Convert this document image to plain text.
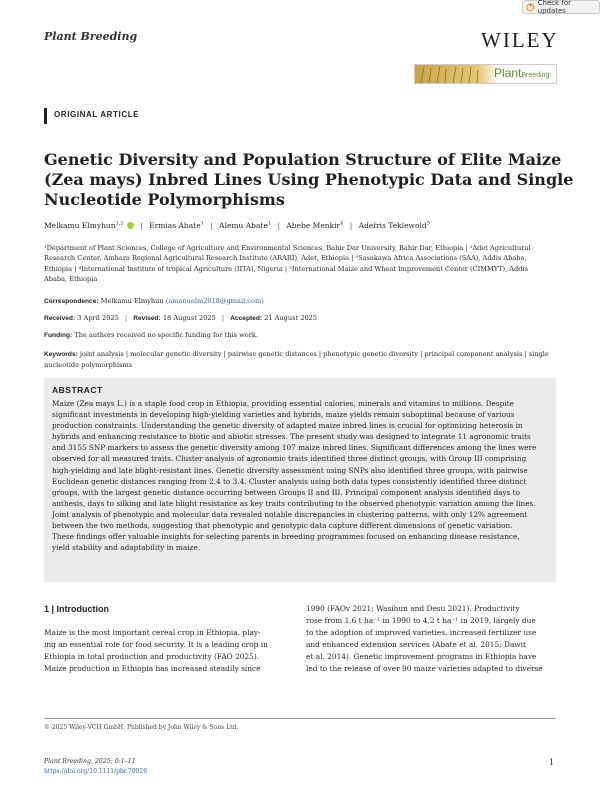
Plant Breeding
Check for updates
WILEY
PlantBreeding
ORIGINAL ARTICLE
Genetic Diversity and Population Structure of Elite Maize
(Zea mays) Inbred Lines Using Phenotypic Data and Single
Nucleotide Polymorphisms
Melkamu Elmyhun$^{1,2}$ | Ermias Abate$^1$ | Alemu Abate$^1$ | Abebe Menkir$^4$ | Adefris Teklewold$^5$
¹Department of Plant Sciences, College of Agriculture and Environmental Sciences, Bahir Dar University, Bahir Dar, Ethiopia | ²Adet Agricultural
Research Center, Amhara Regional Agricultural Research Institute (ARARI), Adet, Ethiopia | ³Sasakawa Africa Associations (SAA), Addis Ababa,
Ethiopia | ⁴International Institute of tropical Agriculture (IITA), Nigeria | ⁵International Maize and Wheat Improvement Center (CIMMYT), Addis
Ababa, Ethiopia
Correspondence: Melkamu Elmyhun (amanuelm2018@gmail.com)
Received: 3 April 2025 | Revised: 18 August 2025 | Accepted: 21 August 2025
Funding: The authors received no specific funding for this work.
Keywords: joint analysis | molecular genetic diversity | pairwise genetic distances | phenotypic genetic diversity | principal component analysis | single
nucleotide polymorphisms
ABSTRACT
Maize (Zea mays L.) is a staple food crop in Ethiopia, providing essential calories, minerals and vitamins to millions. Despite
significant investments in developing high-yielding varieties and hybrids, maize yields remain suboptimal because of various
production constraints. Understanding the genetic diversity of adapted maize inbred lines is crucial for optimizing heterosis in
hybrids and enhancing resistance to biotic and abiotic stresses. The present study was designed to integrate 11 agronomic traits
and 3155 SNP markers to assess the genetic diversity among 107 maize inbred lines. Significant differences among the lines were
observed for all measured traits. Cluster analysis of agronomic traits identified three distinct groups, with Group III comprising
high-yielding and late blight-resistant lines. Genetic diversity assessment using SNPs also identified three groups, with pairwise
Euclidean genetic distances ranging from 2.4 to 3.4. Cluster analysis using both data types consistently identified three distinct
groups, with the largest genetic distance occurring between Groups II and III. Principal component analysis identified days to
anthesis, days to silking and late blight resistance as key traits contributing to the observed phenotypic variation among the lines.
Joint analysis of phenotypic and molecular data revealed notable discrepancies in clustering patterns, with only 12% agreement
between the two methods, suggesting that phenotypic and genotypic data capture different dimensions of genetic variation.
These findings offer valuable insights for selecting parents in breeding programmes focused on enhancing disease resistance,
yield stability and adaptability in maize.
1 | Introduction
Maize is the most important cereal crop in Ethiopia, play-
ing an essential role for food security. It is a leading crop in
Ethiopia in total production and productivity (FAO 2025).
Maize production in Ethiopia has increased steadily since
1990 (FAOv 2021; Wasihun and Desu 2021). Productivity
rose from 1.6 t ha⁻¹ in 1990 to 4.2 t ha⁻¹ in 2019, largely due
to the adoption of improved varieties, increased fertilizer use
and enhanced extension services (Abate et al. 2015; Dawit
et al. 2014). Genetic improvement programs in Ethiopia have
led to the release of over 90 maize varieties adapted to diverse
© 2025 Wiley-VCH GmbH. Published by John Wiley & Sons Ltd.
Plant Breeding, 2025; 0:1–11
https://doi.org/10.1111/pbr.70026
1
